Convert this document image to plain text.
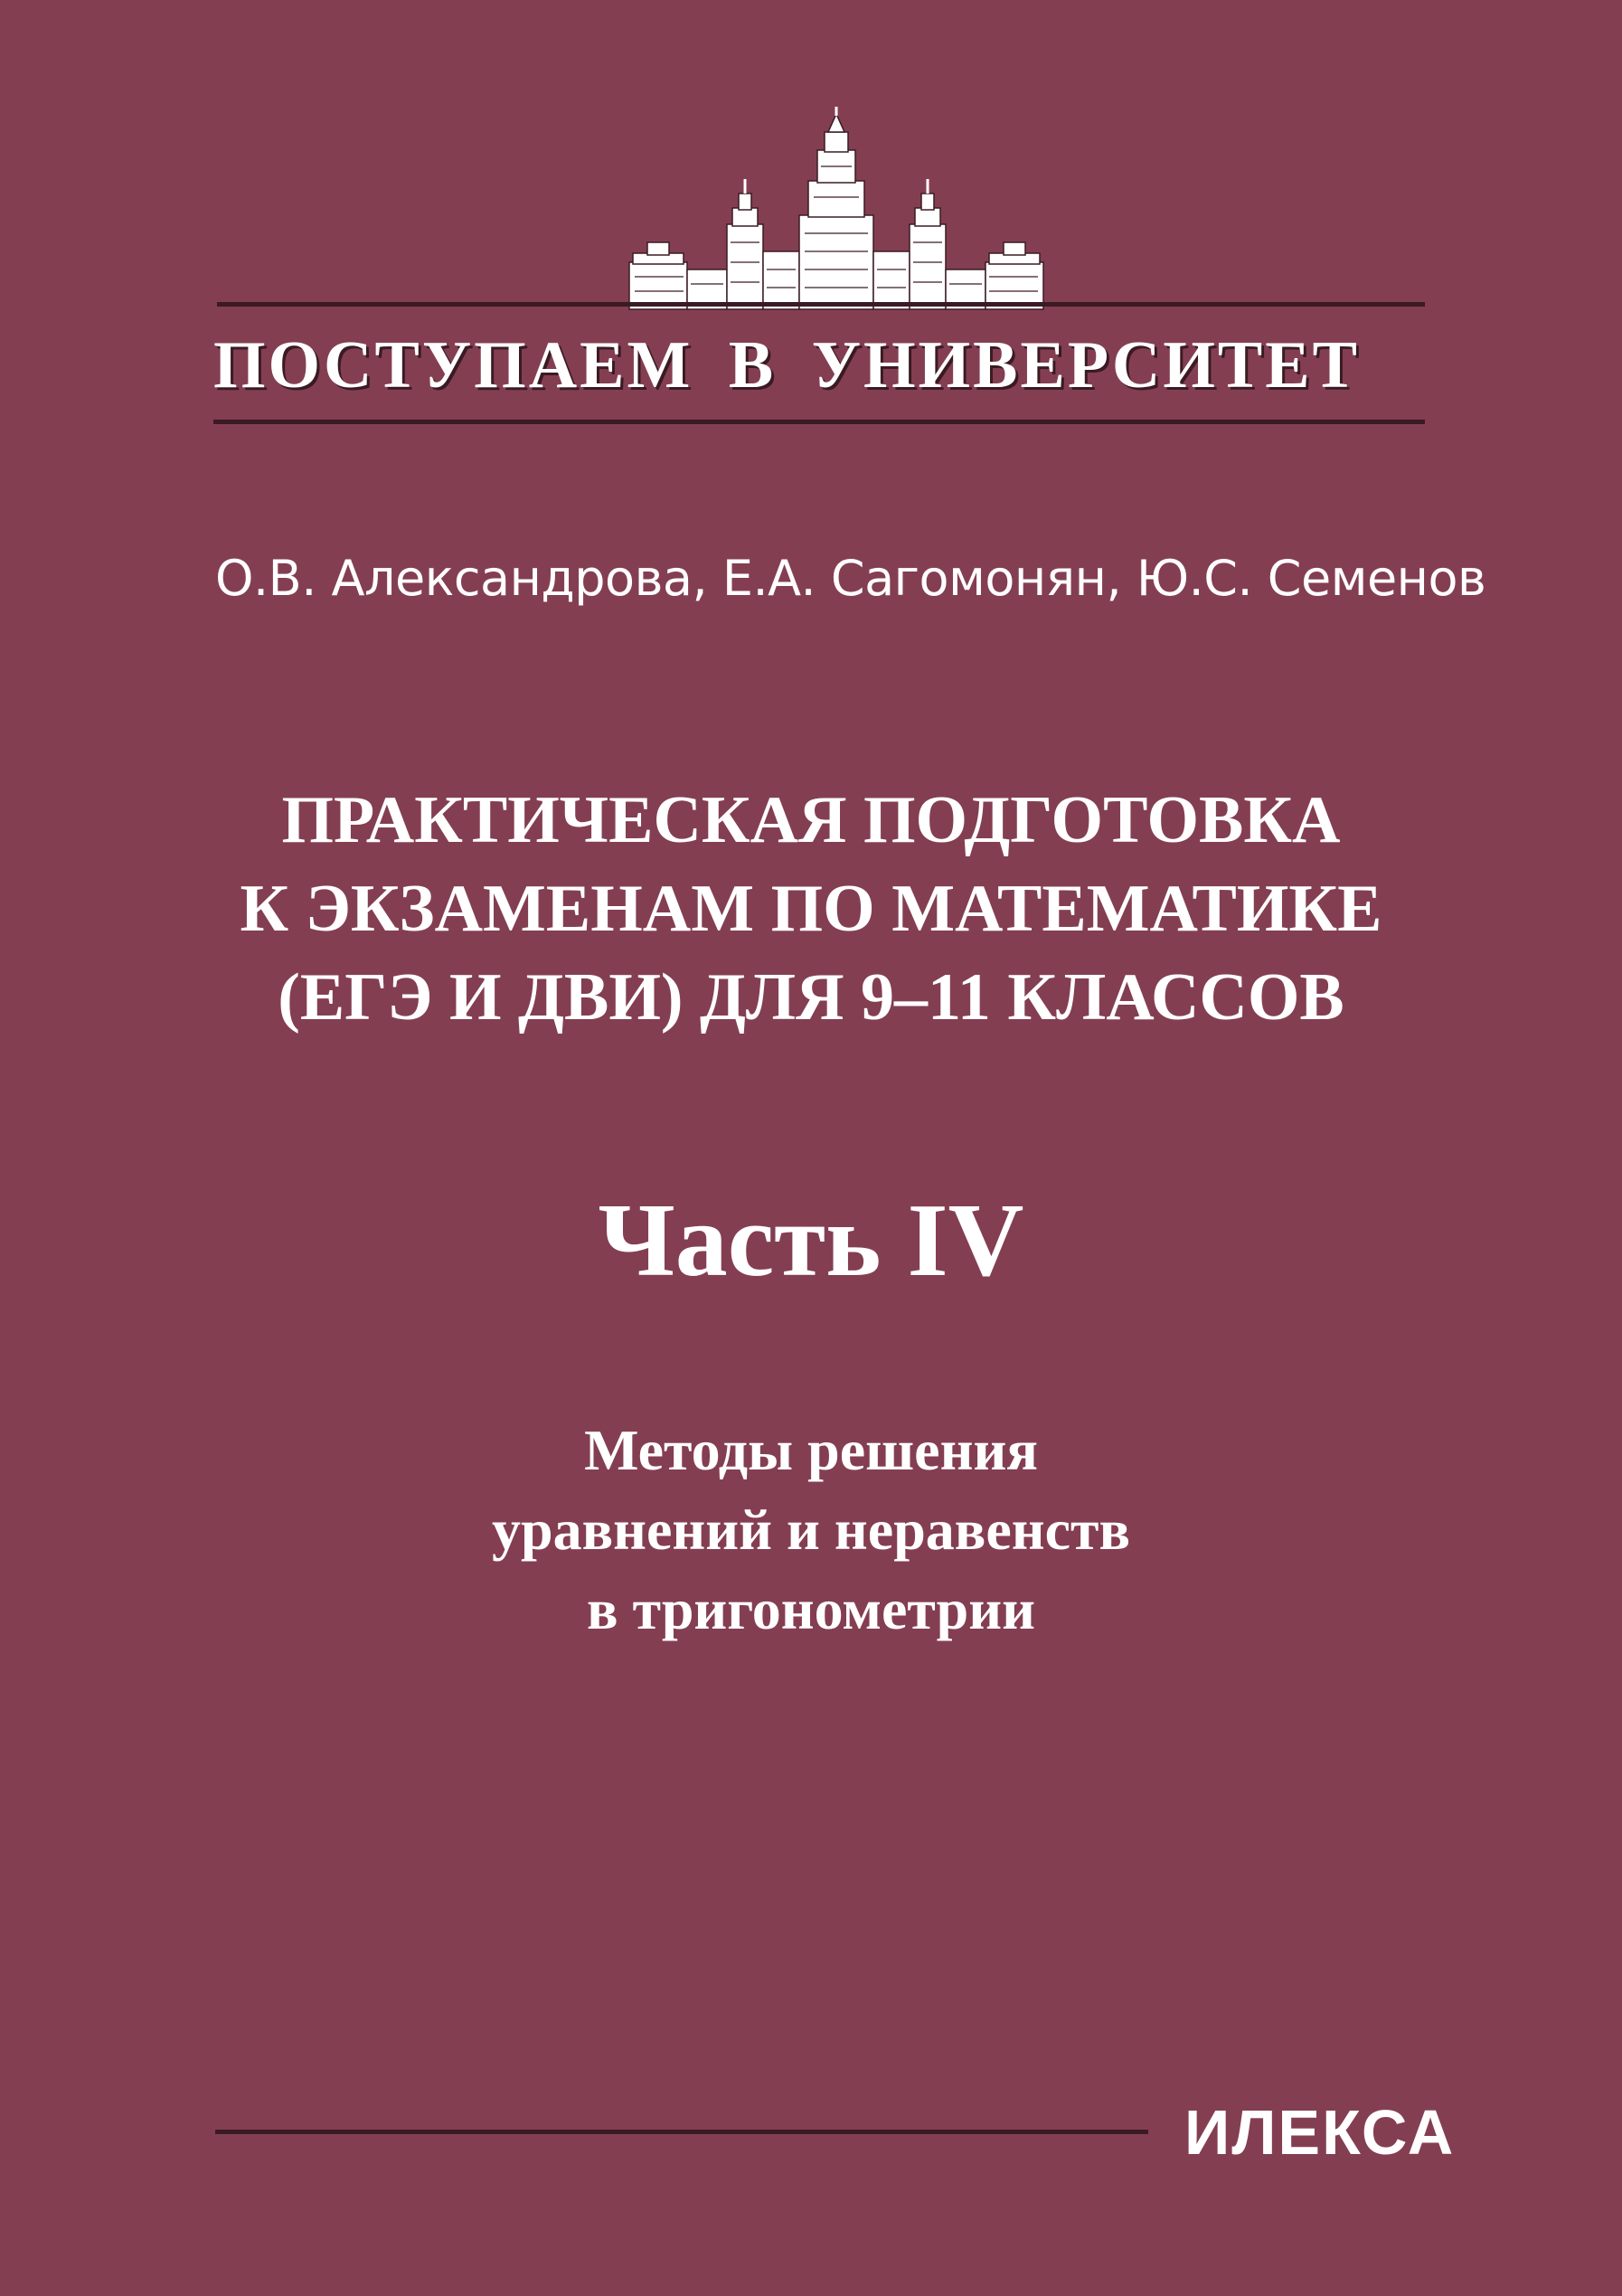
ПОСТУПАЕМ В УНИВЕРСИТЕТ
О.В. Александрова, Е.А. Сагомонян, Ю.С. Семенов
ПРАКТИЧЕСКАЯ ПОДГОТОВКА
К ЭКЗАМЕНАМ ПО МАТЕМАТИКЕ
(ЕГЭ И ДВИ) ДЛЯ 9–11 КЛАССОВ
Часть IV
Методы решения
уравнений и неравенств
в тригонометрии
ИЛЕКСА
